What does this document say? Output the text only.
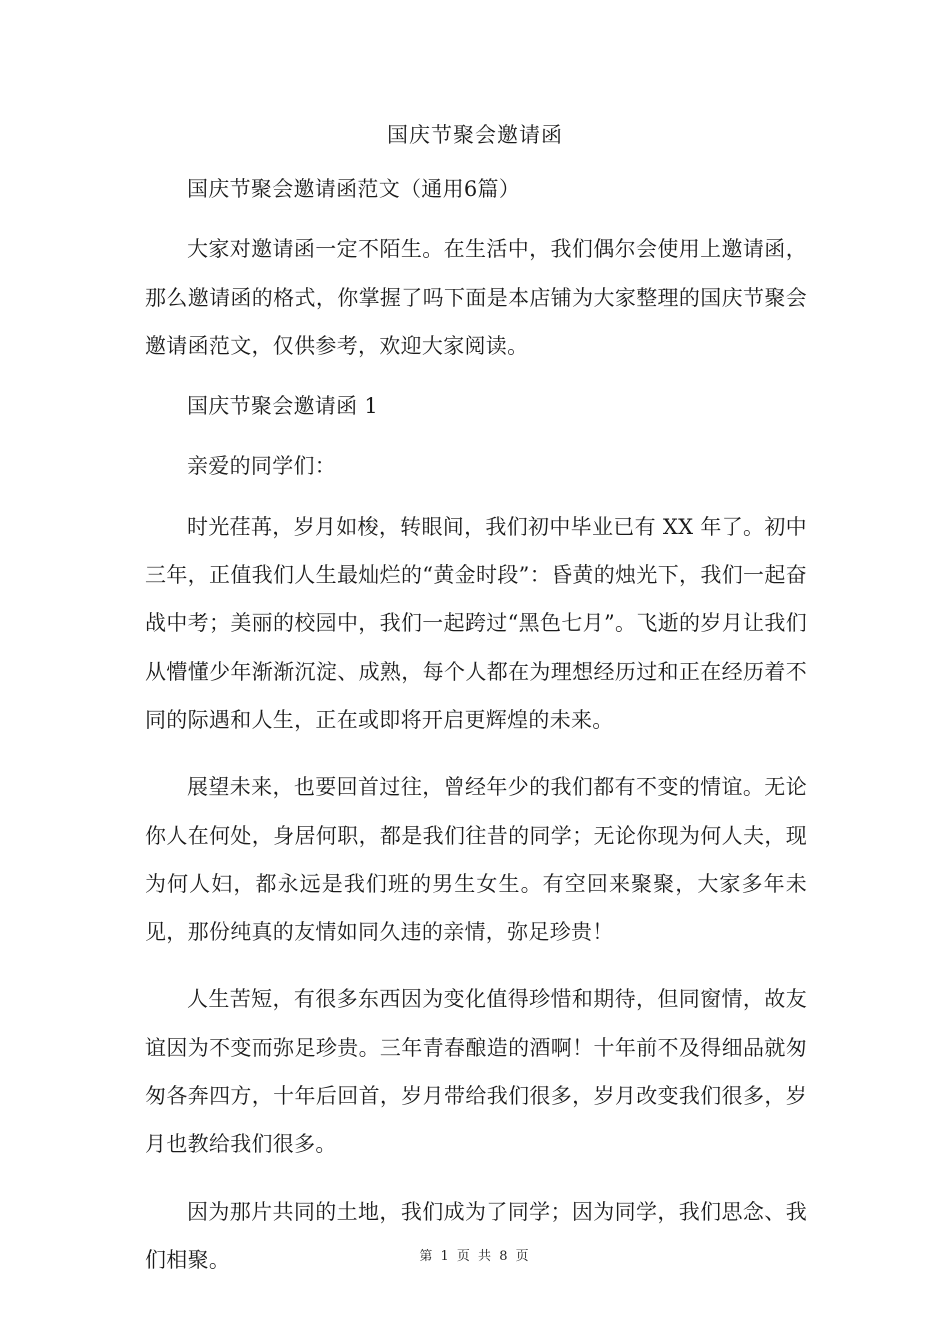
国庆节聚会邀请函

国庆节聚会邀请函范文（通用6篇）

大家对邀请函一定不陌生。在生活中，我们偶尔会使用上邀请函，那么邀请函的格式，你掌握了吗下面是本店铺为大家整理的国庆节聚会邀请函范文，仅供参考，欢迎大家阅读。

国庆节聚会邀请函 1

亲爱的同学们：

时光荏苒，岁月如梭，转眼间，我们初中毕业已有 XX 年了。初中三年，正值我们人生最灿烂的“黄金时段”：昏黄的烛光下，我们一起奋战中考；美丽的校园中，我们一起跨过“黑色七月”。飞逝的岁月让我们从懵懂少年渐渐沉淀、成熟，每个人都在为理想经历过和正在经历着不同的际遇和人生，正在或即将开启更辉煌的未来。

展望未来，也要回首过往，曾经年少的我们都有不变的情谊。无论你人在何处，身居何职，都是我们往昔的同学；无论你现为何人夫，现为何人妇，都永远是我们班的男生女生。有空回来聚聚，大家多年未见，那份纯真的友情如同久违的亲情，弥足珍贵！

人生苦短，有很多东西因为变化值得珍惜和期待，但同窗情，故友谊因为不变而弥足珍贵。三年青春酿造的酒啊！十年前不及得细品就匆匆各奔四方，十年后回首，岁月带给我们很多，岁月改变我们很多，岁月也教给我们很多。

因为那片共同的土地，我们成为了同学；因为同学，我们思念、我们相聚。	第 1 页 共 8 页
